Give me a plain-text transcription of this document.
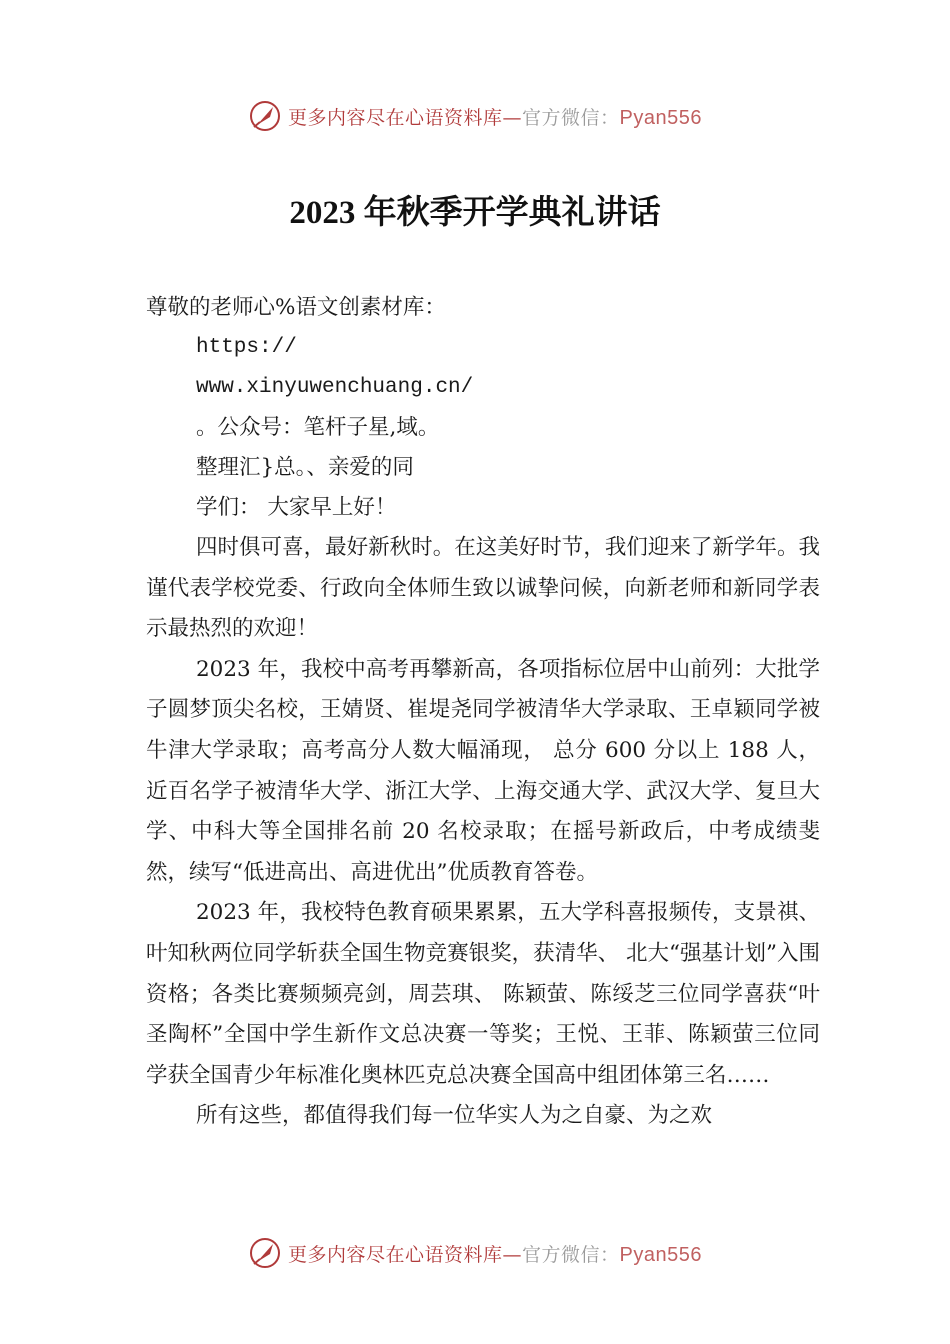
更多内容尽在心语资料库—官方微信：Pyan556
2023 年秋季开学典礼讲话
尊敬的老师心%语文创素材库：
https://
www.xinyuwenchuang.cn/
。公众号：笔杆子星,域。
整理汇}总。、亲爱的同
学们： 大家早上好！

四时俱可喜，最好新秋时。在这美好时节，我们迎来了新学年。我谨代表学校党委、行政向全体师生致以诚挚问候，向新老师和新同学表示最热烈的欢迎！

2023 年，我校中高考再攀新高，各项指标位居中山前列：大批学子圆梦顶尖名校，王婧贤、崔堤尧同学被清华大学录取、王卓颖同学被牛津大学录取；高考高分人数大幅涌现， 总分 600 分以上 188 人，近百名学子被清华大学、浙江大学、上海交通大学、武汉大学、复旦大学、中科大等全国排名前 20 名校录取；在摇号新政后，中考成绩斐然，续写“低进高出、高进优出”优质教育答卷。

2023 年，我校特色教育硕果累累，五大学科喜报频传，支景祺、叶知秋两位同学斩获全国生物竞赛银奖，获清华、 北大“强基计划”入围资格；各类比赛频频亮剑，周芸琪、 陈颖萤、陈绥芝三位同学喜获“叶圣陶杯”全国中学生新作文总决赛一等奖；王悦、王菲、陈颖萤三位同学获全国青少年标准化奥林匹克总决赛全国高中组团体第三名……

所有这些，都值得我们每一位华实人为之自豪、为之欢

更多内容尽在心语资料库—官方微信：Pyan556
